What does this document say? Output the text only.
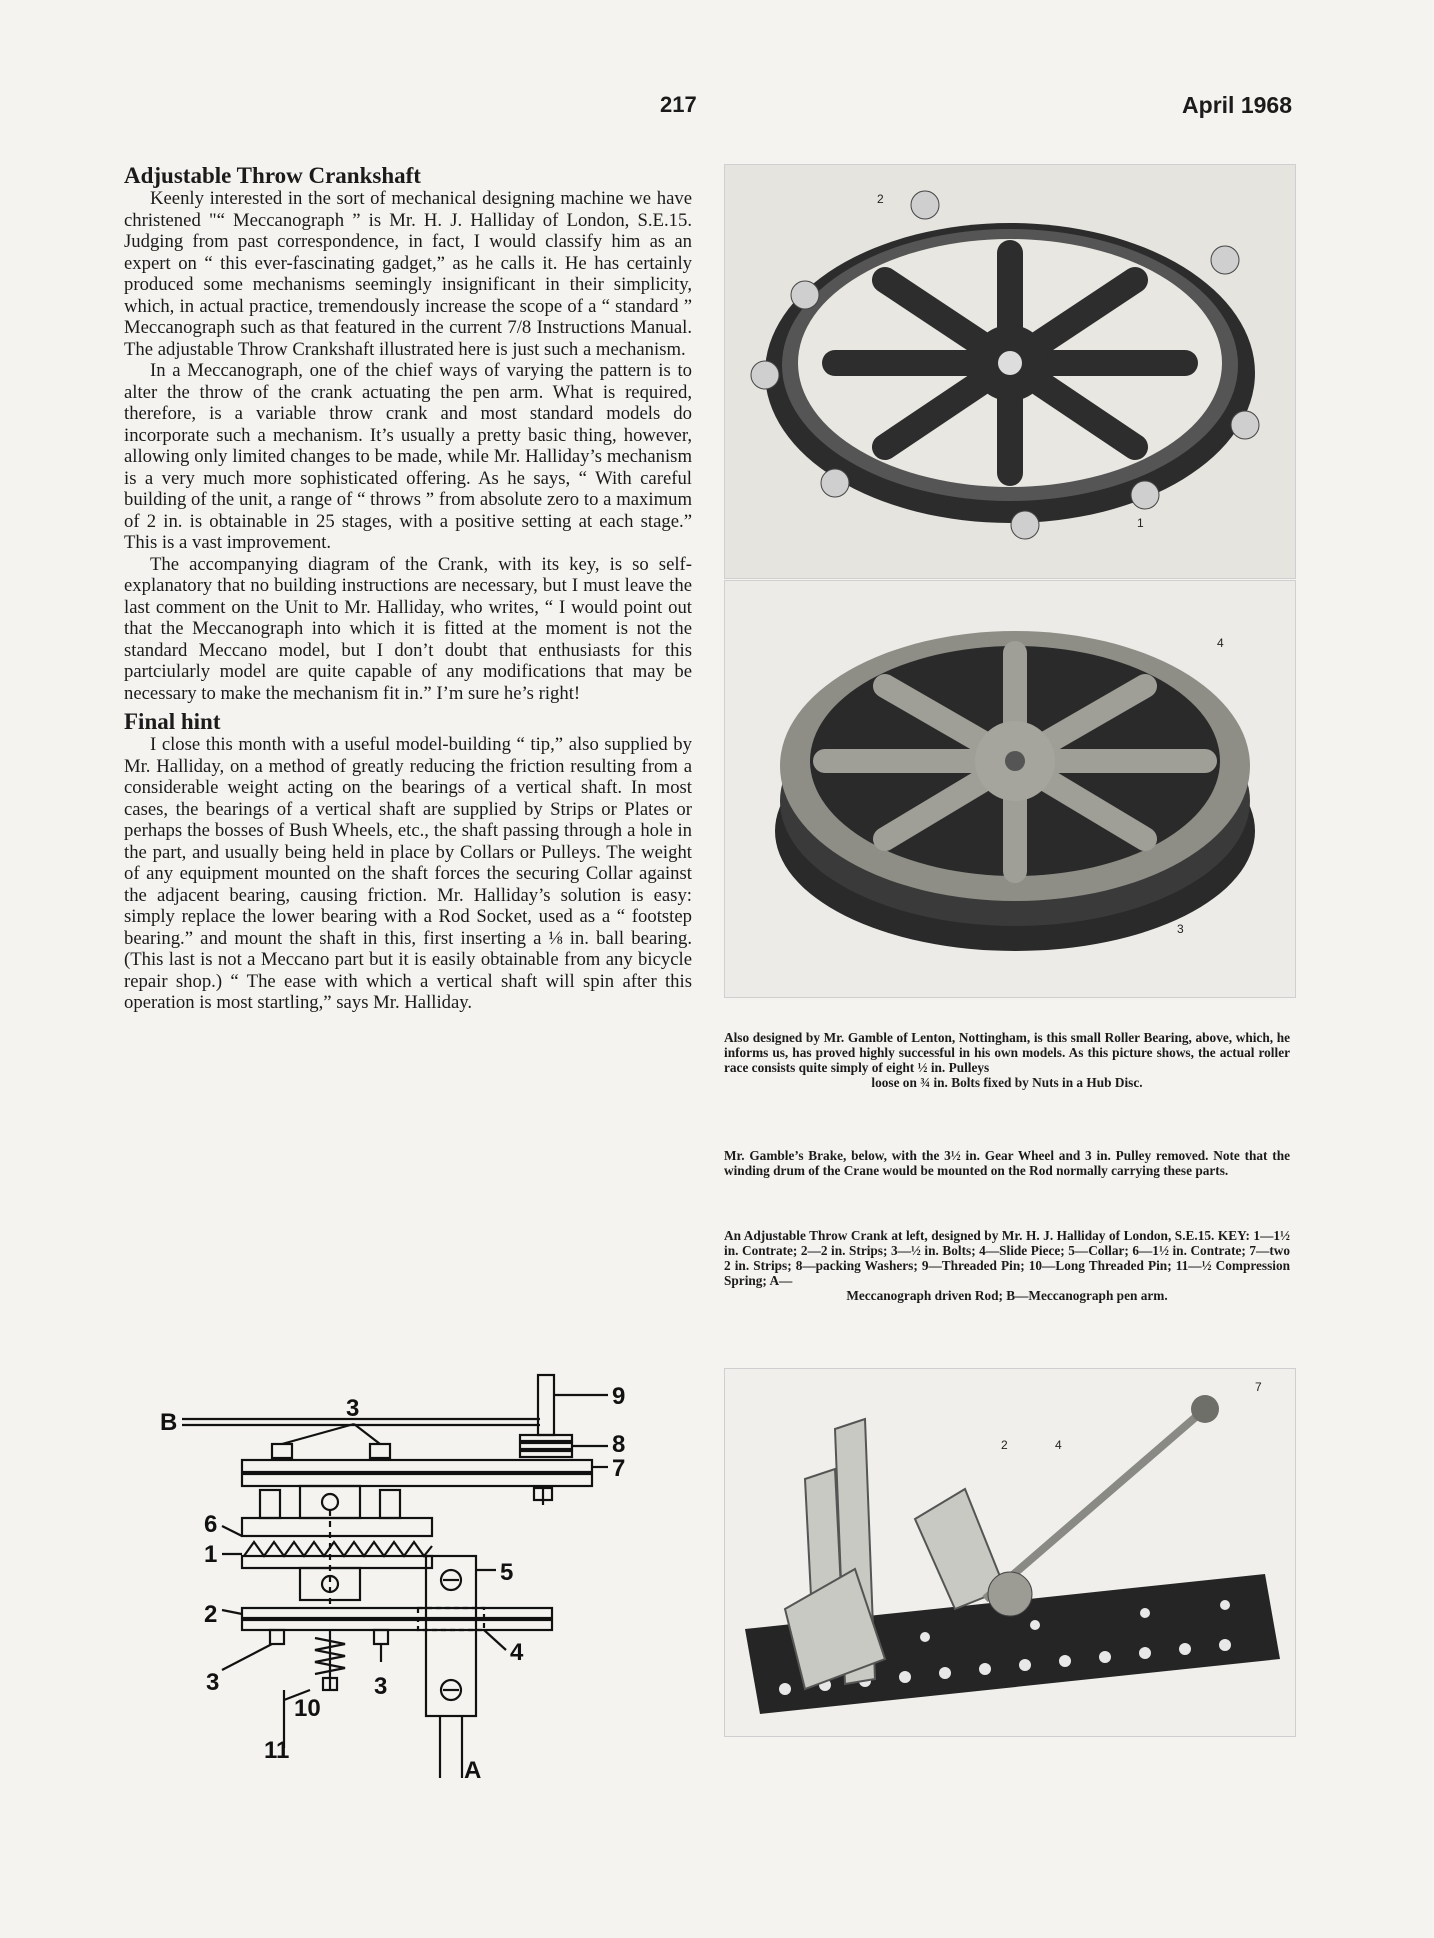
217	April 1968
Adjustable Throw Crankshaft

Keenly interested in the sort of mechanical designing machine we have christened "“ Meccanograph ” is Mr. H. J. Halliday of London, S.E.15. Judging from past correspondence, in fact, I would classify him as an expert on “ this ever-fascinating gadget,” as he calls it. He has certainly produced some mechanisms seemingly insignificant in their simplicity, which, in actual practice, tremendously increase the scope of a “ standard ” Meccanograph such as that featured in the current 7/8 Instructions Manual. The adjustable Throw Crankshaft illustrated here is just such a mechanism.

In a Meccanograph, one of the chief ways of varying the pattern is to alter the throw of the crank actuating the pen arm. What is required, therefore, is a variable throw crank and most standard models do incorporate such a mechanism. It’s usually a pretty basic thing, however, allowing only limited changes to be made, while Mr. Halliday’s mechanism is a very much more sophisticated offering. As he says, “ With careful building of the unit, a range of “ throws ” from absolute zero to a maximum of 2 in. is obtainable in 25 stages, with a positive setting at each stage.” This is a vast improvement.

The accompanying diagram of the Crank, with its key, is so self-explanatory that no building instructions are necessary, but I must leave the last comment on the Unit to Mr. Halliday, who writes, “ I would point out that the Meccanograph into which it is fitted at the moment is not the standard Meccano model, but I don’t doubt that enthusiasts for this partciularly model are quite capable of any modifications that may be necessary to make the mechanism fit in.” I’m sure he’s right!

Final hint

I close this month with a useful model-building “ tip,” also supplied by Mr. Halliday, on a method of greatly reducing the friction resulting from a considerable weight acting on the bearings of a vertical shaft. In most cases, the bearings of a vertical shaft are supplied by Strips or Plates or perhaps the bosses of Bush Wheels, etc., the shaft passing through a hole in the part, and usually being held in place by Collars or Pulleys. The weight of any equipment mounted on the shaft forces the securing Collar against the adjacent bearing, causing friction. Mr. Halliday’s solution is easy: simply replace the lower bearing with a Rod Socket, used as a “ footstep bearing.” and mount the shaft in this, first inserting a ⅛ in. ball bearing. (This last is not a Meccano part but it is easily obtainable from any bicycle repair shop.) “ The ease with which a vertical shaft will spin after this operation is most startling,” says Mr. Halliday.

2
1
4
3
7
2	4
Also designed by Mr. Gamble of Lenton, Nottingham, is this small Roller Bearing, above, which, he informs us, has proved highly successful in his own models. As this picture shows, the actual roller race consists quite simply of eight ½ in. Pulleys
loose on ¾ in. Bolts fixed by Nuts in a Hub Disc.
Mr. Gamble’s Brake, below, with the 3½ in. Gear Wheel and 3 in. Pulley removed. Note that the winding drum of the Crane would be mounted on the Rod normally carrying these parts.
An Adjustable Throw Crank at left, designed by Mr. H. J. Halliday of London, S.E.15. KEY: 1—1½ in. Contrate; 2—2 in. Strips; 3—½ in. Bolts; 4—Slide Piece; 5—Collar; 6—1½ in. Contrate; 7—two 2 in. Strips; 8—packing Washers; 9—Threaded Pin; 10—Long Threaded Pin; 11—½ Compression Spring; A—
Meccanograph driven Rod; B—Meccanograph pen arm.
B
3	9
8
7
6
1
5
2
4
3
10
3
11
A
